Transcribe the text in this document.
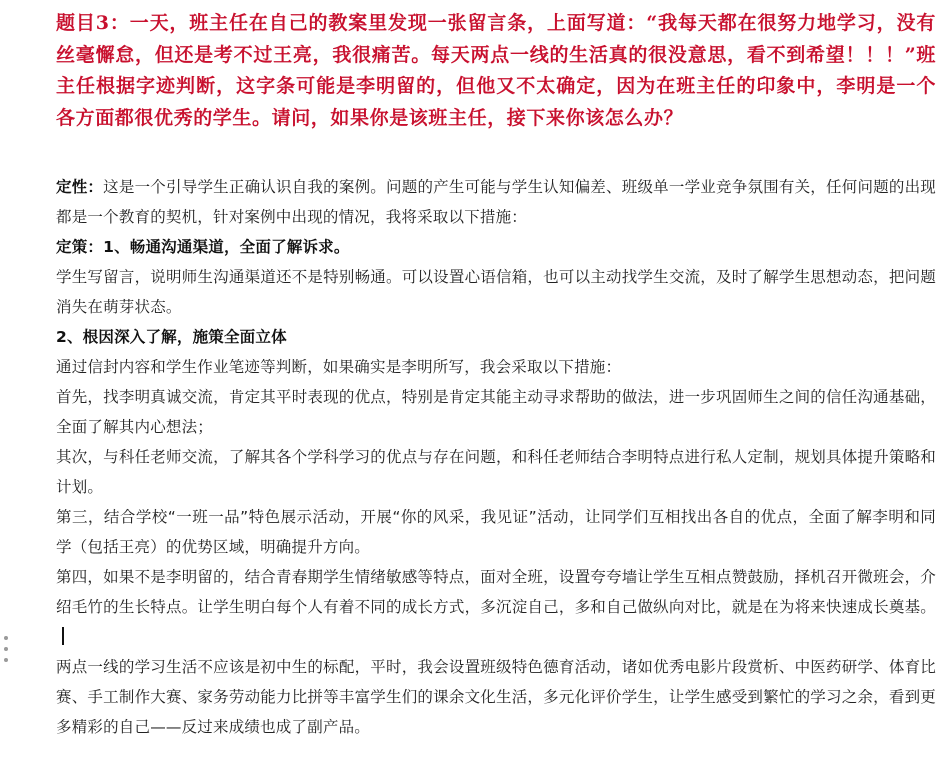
题目3：一天，班主任在自己的教案里发现一张留言条，上面写道：“我每天都在很努力地学习，没有丝毫懈怠，但还是考不过王亮，我很痛苦。每天两点一线的生活真的很没意思，看不到希望！！！”班主任根据字迹判断，这字条可能是李明留的，但他又不太确定，因为在班主任的印象中，李明是一个各方面都很优秀的学生。请问，如果你是该班主任，接下来你该怎么办？

定性：这是一个引导学生正确认识自我的案例。问题的产生可能与学生认知偏差、班级单一学业竞争氛围有关，任何问题的出现都是一个教育的契机，针对案例中出现的情况，我将采取以下措施：

定策：1、畅通沟通渠道，全面了解诉求。

学生写留言，说明师生沟通渠道还不是特别畅通。可以设置心语信箱，也可以主动找学生交流，及时了解学生思想动态，把问题消失在萌芽状态。

2、根因深入了解，施策全面立体

通过信封内容和学生作业笔迹等判断，如果确实是李明所写，我会采取以下措施：

首先，找李明真诚交流，肯定其平时表现的优点，特别是肯定其能主动寻求帮助的做法，进一步巩固师生之间的信任沟通基础，全面了解其内心想法；

其次，与科任老师交流，了解其各个学科学习的优点与存在问题，和科任老师结合李明特点进行私人定制，规划具体提升策略和计划。

第三，结合学校“一班一品”特色展示活动，开展“你的风采，我见证”活动，让同学们互相找出各自的优点，全面了解李明和同学（包括王亮）的优势区域，明确提升方向。

第四，如果不是李明留的，结合青春期学生情绪敏感等特点，面对全班，设置夸夸墙让学生互相点赞鼓励，择机召开微班会，介绍毛竹的生长特点。让学生明白每个人有着不同的成长方式，多沉淀自己，多和自己做纵向对比，就是在为将来快速成长奠基。

两点一线的学习生活不应该是初中生的标配，平时，我会设置班级特色德育活动，诸如优秀电影片段赏析、中医药研学、体育比赛、手工制作大赛、家务劳动能力比拼等丰富学生们的课余文化生活，多元化评价学生，让学生感受到繁忙的学习之余，看到更多精彩的自己——反过来成绩也成了副产品。
